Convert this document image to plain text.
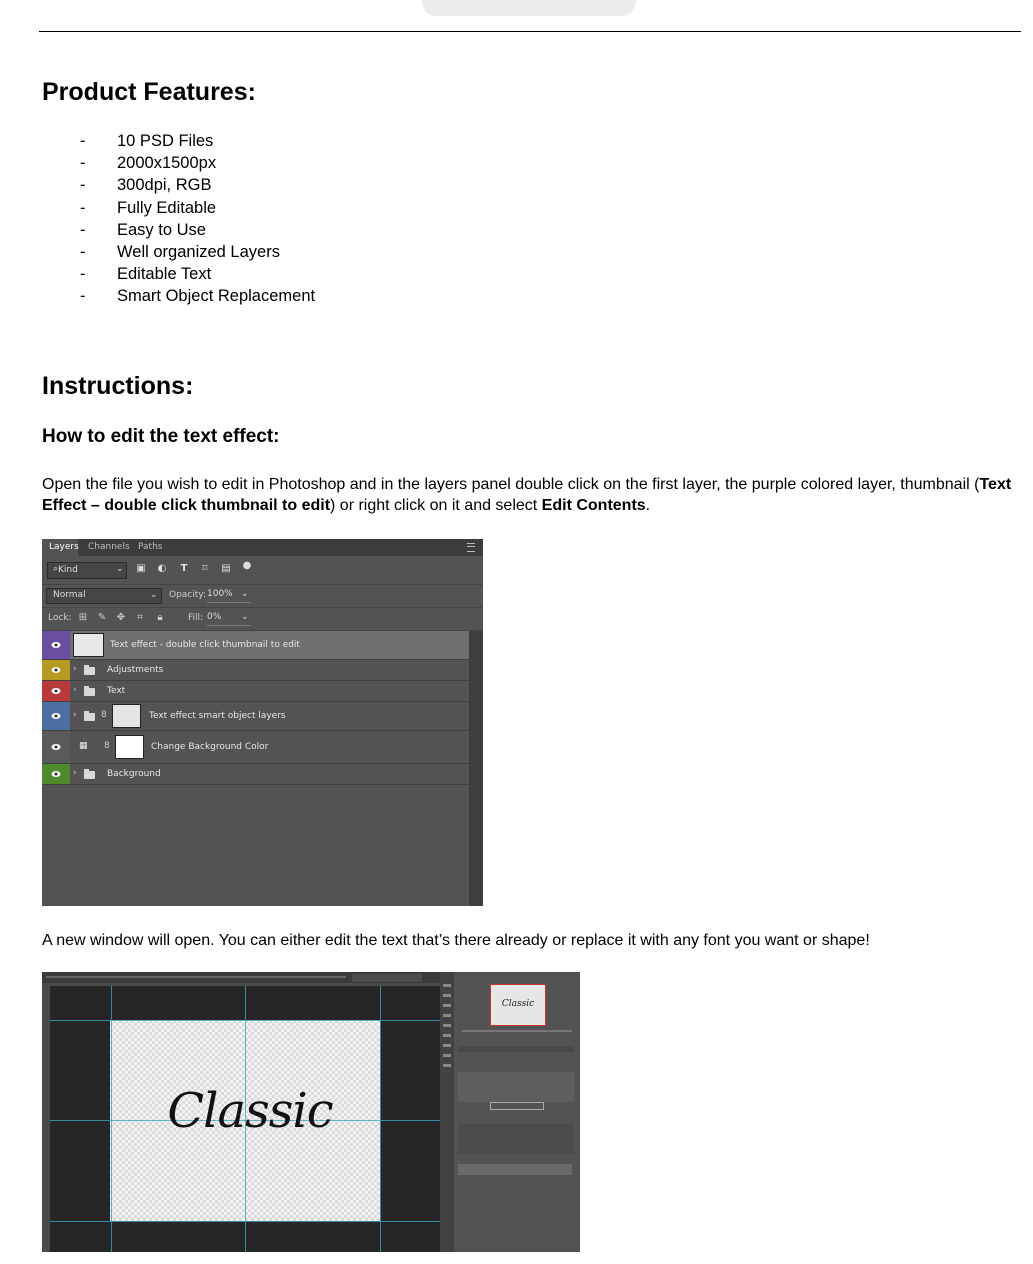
Product Features:
- 10 PSD Files
- 2000x1500px
- 300dpi, RGB
- Fully Editable
- Easy to Use
- Well organized Layers
- Editable Text
- Smart Object Replacement
Instructions:
How to edit the text effect:

Open the file you wish to edit in Photoshop and in the layers panel double click on the first layer, the purple colored layer, thumbnail (Text Effect – double click thumbnail to edit) or right click on it and select Edit Contents.

Layers Channels Paths
⌕ Kind	⌄ ▣ ◐ T ⌑ ▤ ●
Normal	⌄ Opacity: 100% ⌄
Lock: ⊞ ✎ ✥ ⌗ 🔒︎	Fill: 0% ⌄
Text effect - double click thumbnail to edit
›	Adjustments
›	Text
›	8	Text effect smart object layers
▦ 8	Change Background Color
›	Background

A new window will open. You can either edit the text that’s there already or replace it with any font you want or shape!

Classic
Classic
